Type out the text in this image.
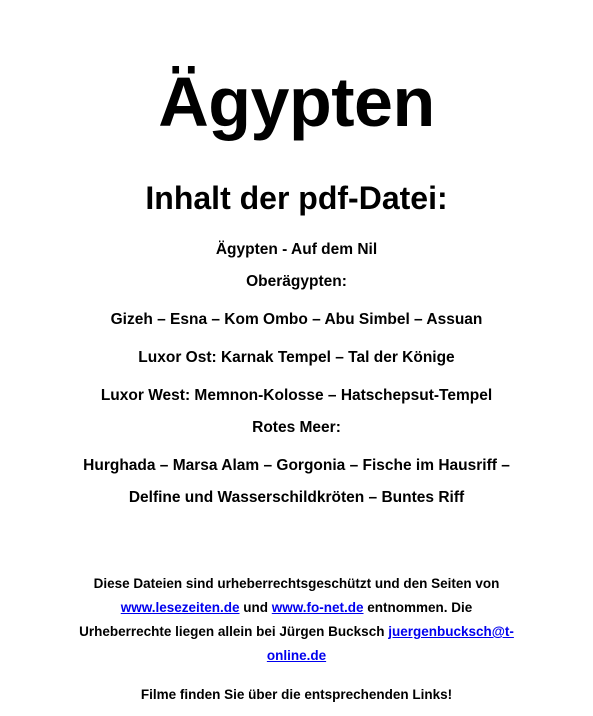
Ägypten
Inhalt der pdf-Datei:
Ägypten - Auf dem Nil
Oberägypten:
Gizeh – Esna – Kom Ombo – Abu Simbel – Assuan
Luxor Ost: Karnak Tempel – Tal der Könige
Luxor West: Memnon-Kolosse – Hatschepsut-Tempel
Rotes Meer:
Hurghada – Marsa Alam – Gorgonia – Fische im Hausriff –
Delfine und Wasserschildkröten – Buntes Riff
Diese Dateien sind urheberrechtsgeschützt und den Seiten von
www.lesezeiten.de und www.fo-net.de entnommen. Die
Urheberrechte liegen allein bei Jürgen Bucksch juergenbucksch@t-
online.de
Filme finden Sie über die entsprechenden Links!
